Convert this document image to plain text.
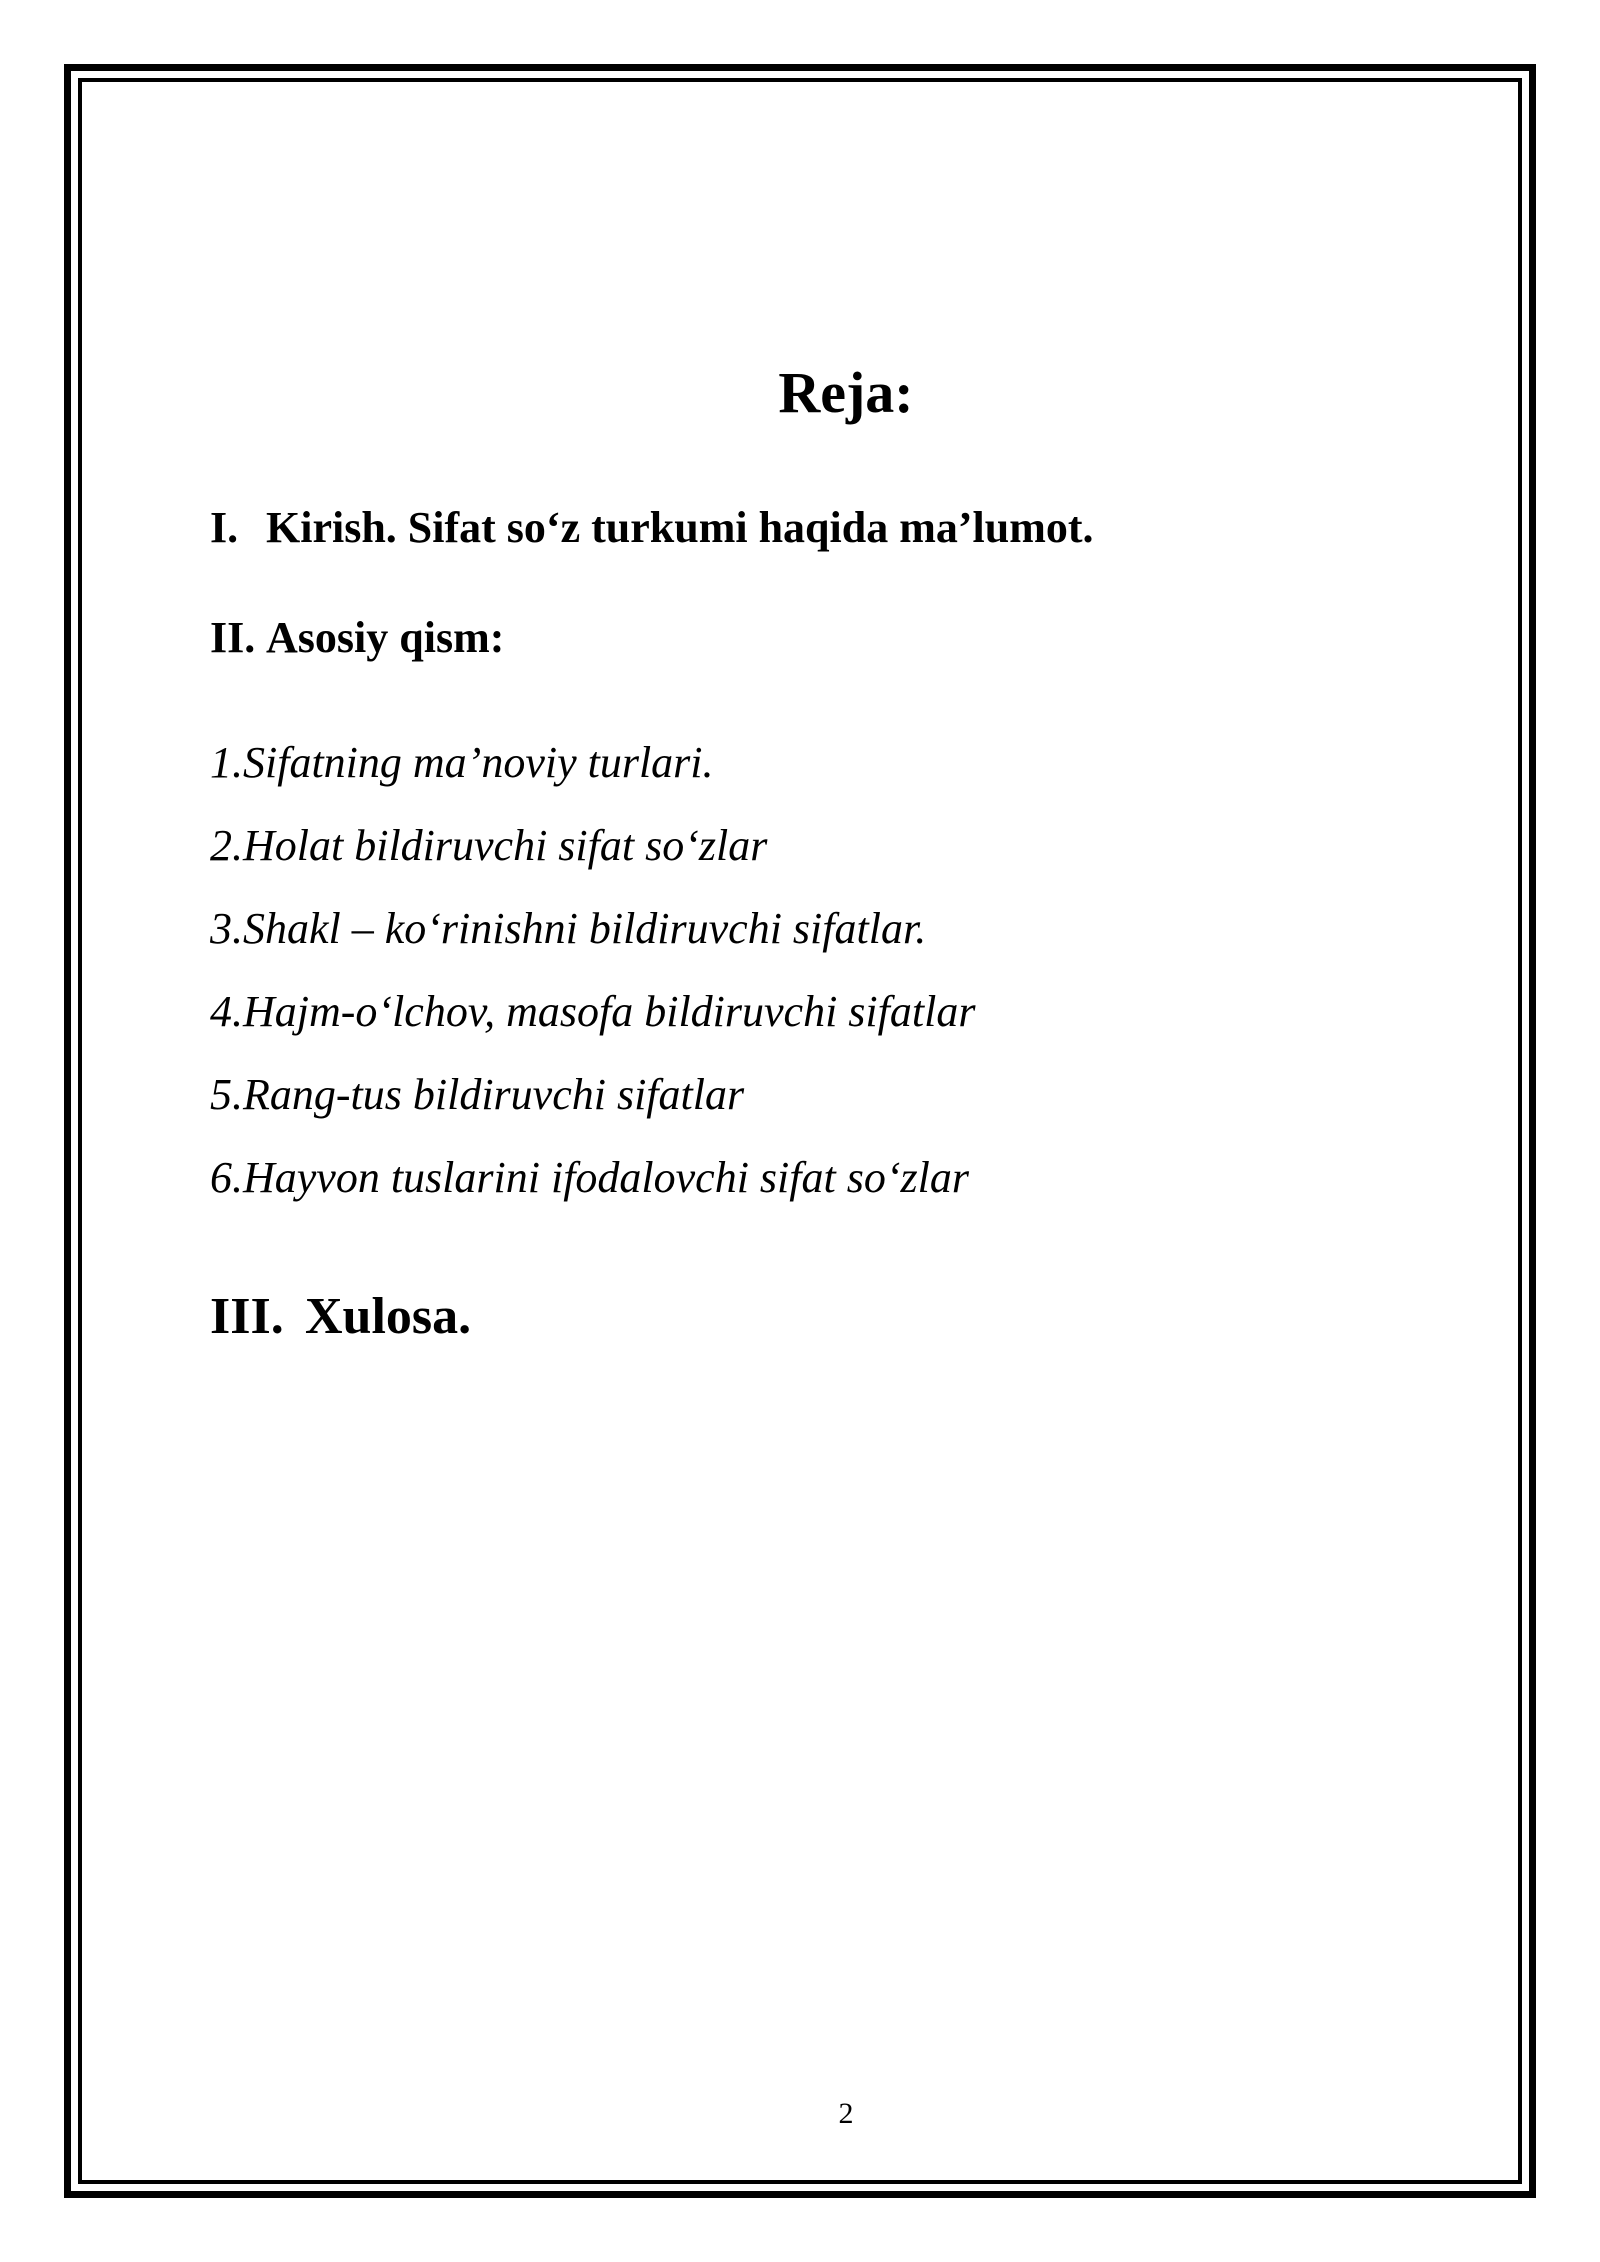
Reja:
I. Kirish. Sifat so‘z turkumi haqida ma’lumot.
II. Asosiy qism:
1.Sifatning ma’noviy turlari.
2.Holat bildiruvchi sifat so‘zlar
3.Shakl – ko‘rinishni bildiruvchi sifatlar.
4.Hajm-o‘lchov, masofa bildiruvchi sifatlar
5.Rang-tus bildiruvchi sifatlar
6.Hayvon tuslarini ifodalovchi sifat so‘zlar
III. Xulosa.
2
